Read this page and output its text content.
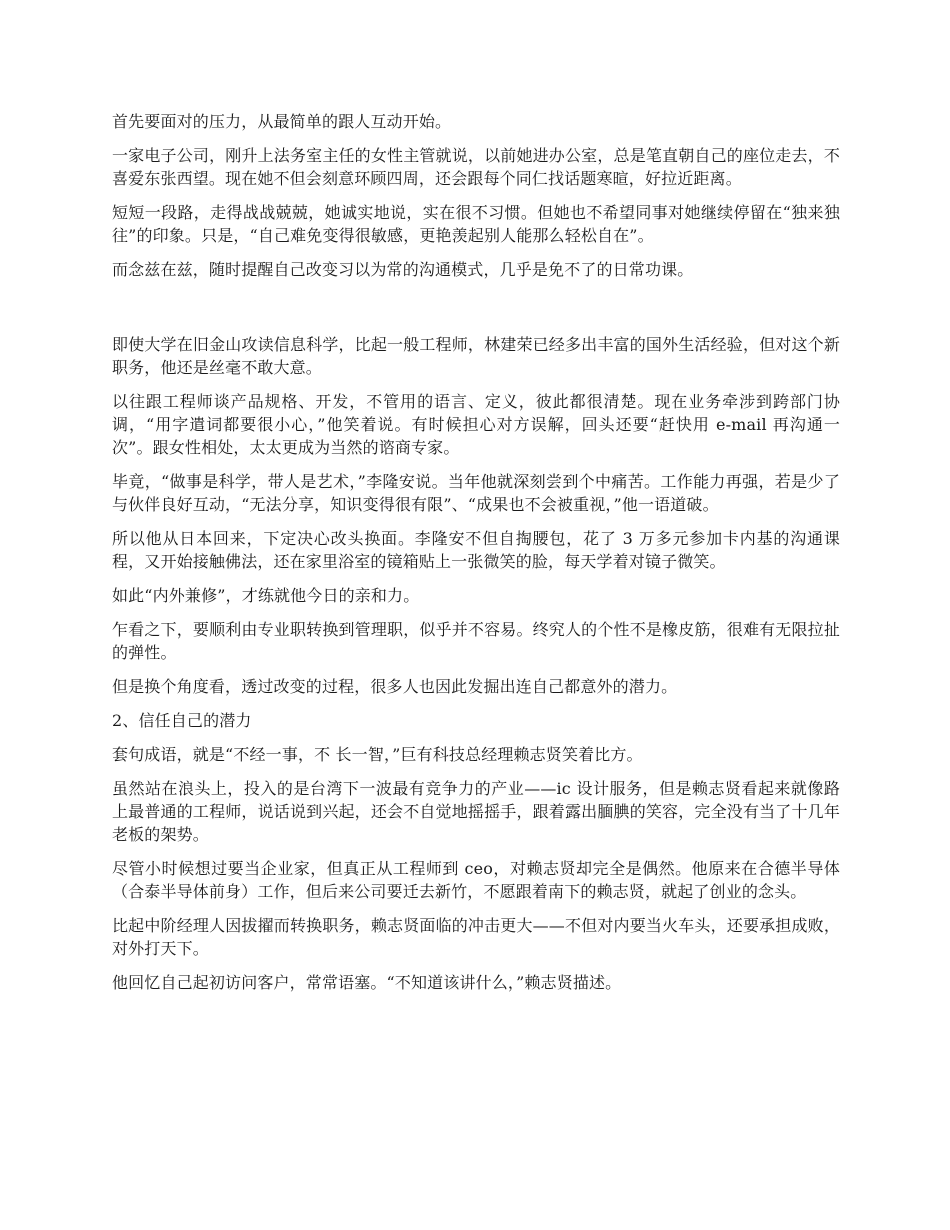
首先要面对的压力，从最简单的跟人互动开始。

一家电子公司，刚升上法务室主任的女性主管就说，以前她进办公室，总是笔直朝自己的座位走去，不喜爱东张西望。现在她不但会刻意环顾四周，还会跟每个同仁找话题寒暄，好拉近距离。

短短一段路，走得战战兢兢，她诚实地说，实在很不习惯。但她也不希望同事对她继续停留在“独来独往”的印象。只是，“自己难免变得很敏感，更艳羡起别人能那么轻松自在”。

而念兹在兹，随时提醒自己改变习以为常的沟通模式，几乎是免不了的日常功课。

即使大学在旧金山攻读信息科学，比起一般工程师，林建荣已经多出丰富的国外生活经验，但对这个新职务，他还是丝毫不敢大意。

以往跟工程师谈产品规格、开发，不管用的语言、定义，彼此都很清楚。现在业务牵涉到跨部门协调，“用字遣词都要很小心，”他笑着说。有时候担心对方误解，回头还要“赶快用 e-mail 再沟通一次”。跟女性相处，太太更成为当然的谘商专家。

毕竟，“做事是科学，带人是艺术，”李隆安说。当年他就深刻尝到个中痛苦。工作能力再强，若是少了与伙伴良好互动，“无法分享，知识变得很有限”、“成果也不会被重视，”他一语道破。

所以他从日本回来，下定决心改头换面。李隆安不但自掏腰包，花了 3 万多元参加卡内基的沟通课程，又开始接触佛法，还在家里浴室的镜箱贴上一张微笑的脸，每天学着对镜子微笑。

如此“内外兼修”，才练就他今日的亲和力。

乍看之下，要顺利由专业职转换到管理职，似乎并不容易。终究人的个性不是橡皮筋，很难有无限拉扯的弹性。

但是换个角度看，透过改变的过程，很多人也因此发掘出连自己都意外的潜力。

2、信任自己的潜力

套句成语，就是“不经一事，不 长一智，”巨有科技总经理赖志贤笑着比方。

虽然站在浪头上，投入的是台湾下一波最有竞争力的产业——ic 设计服务，但是赖志贤看起来就像路上最普通的工程师，说话说到兴起，还会不自觉地摇摇手，跟着露出腼腆的笑容，完全没有当了十几年老板的架势。

尽管小时候想过要当企业家，但真正从工程师到 ceo，对赖志贤却完全是偶然。他原来在合德半导体（合泰半导体前身）工作，但后来公司要迁去新竹，不愿跟着南下的赖志贤，就起了创业的念头。

比起中阶经理人因拔擢而转换职务，赖志贤面临的冲击更大——不但对内要当火车头，还要承担成败，对外打天下。

他回忆自己起初访问客户，常常语塞。“不知道该讲什么，”赖志贤描述。
